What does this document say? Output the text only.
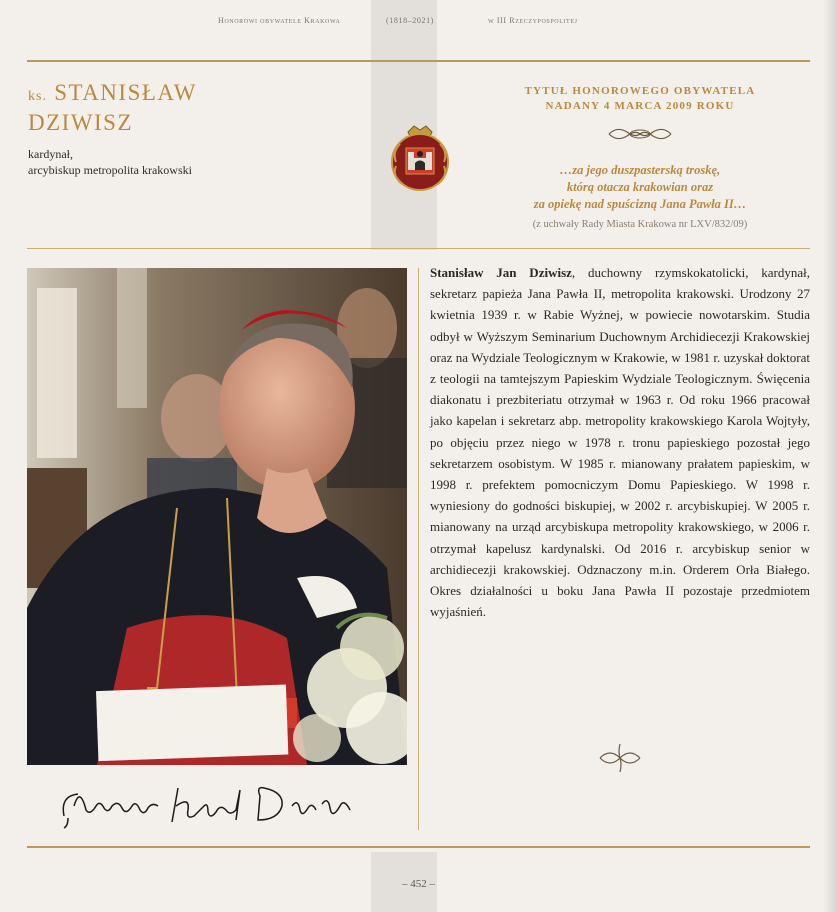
Honorowi obywatele Krakowa	(1818–2021)	w III Rzeczypospolitej
ks. STANISŁAW
DZIWISZ
kardynał,
arcybiskup metropolita krakowski
TYTUŁ HONOROWEGO OBYWATELA
NADANY 4 MARCA 2009 ROKU
…za jego duszpasterską troskę,
którą otacza krakowian oraz
za opiekę nad spuścizną Jana Pawła II…
(z uchwały Rady Miasta Krakowa nr LXV/832/09)
Stanisław karol Dziwisz
Stanisław Jan Dziwisz, duchowny rzymskokatolicki, kardynał, sekretarz papieża Jana Pawła II, metropolita krakowski. Urodzony 27 kwietnia 1939 r. w Rabie Wyżnej, w powiecie nowotarskim. Studia odbył w Wyższym Seminarium Duchownym Archidiecezji Krakowskiej oraz na Wydziale Teologicznym w Krakowie, w 1981 r. uzyskał doktorat z teologii na tamtejszym Papieskim Wydziale Teologicznym. Święcenia diakonatu i prezbiteriatu otrzymał w 1963 r. Od roku 1966 pracował jako kapelan i sekretarz abp. metropolity krakowskiego Karola Wojtyły, po objęciu przez niego w 1978 r. tronu papieskiego pozostał jego sekretarzem osobistym. W 1985 r. mianowany prałatem papieskim, w 1998 r. prefektem pomocniczym Domu Papieskiego. W 1998 r. wyniesiony do godności biskupiej, w 2002 r. arcybiskupiej. W 2005 r. mianowany na urząd arcybiskupa metropolity krakowskiego, w 2006 r. otrzymał kapelusz kardynalski. Od 2016 r. arcybiskup senior w archidiecezji krakowskiej. Odznaczony m.in. Orderem Orła Białego. Okres działalności u boku Jana Pawła II pozostaje przedmiotem wyjaśnień.
– 452 –
